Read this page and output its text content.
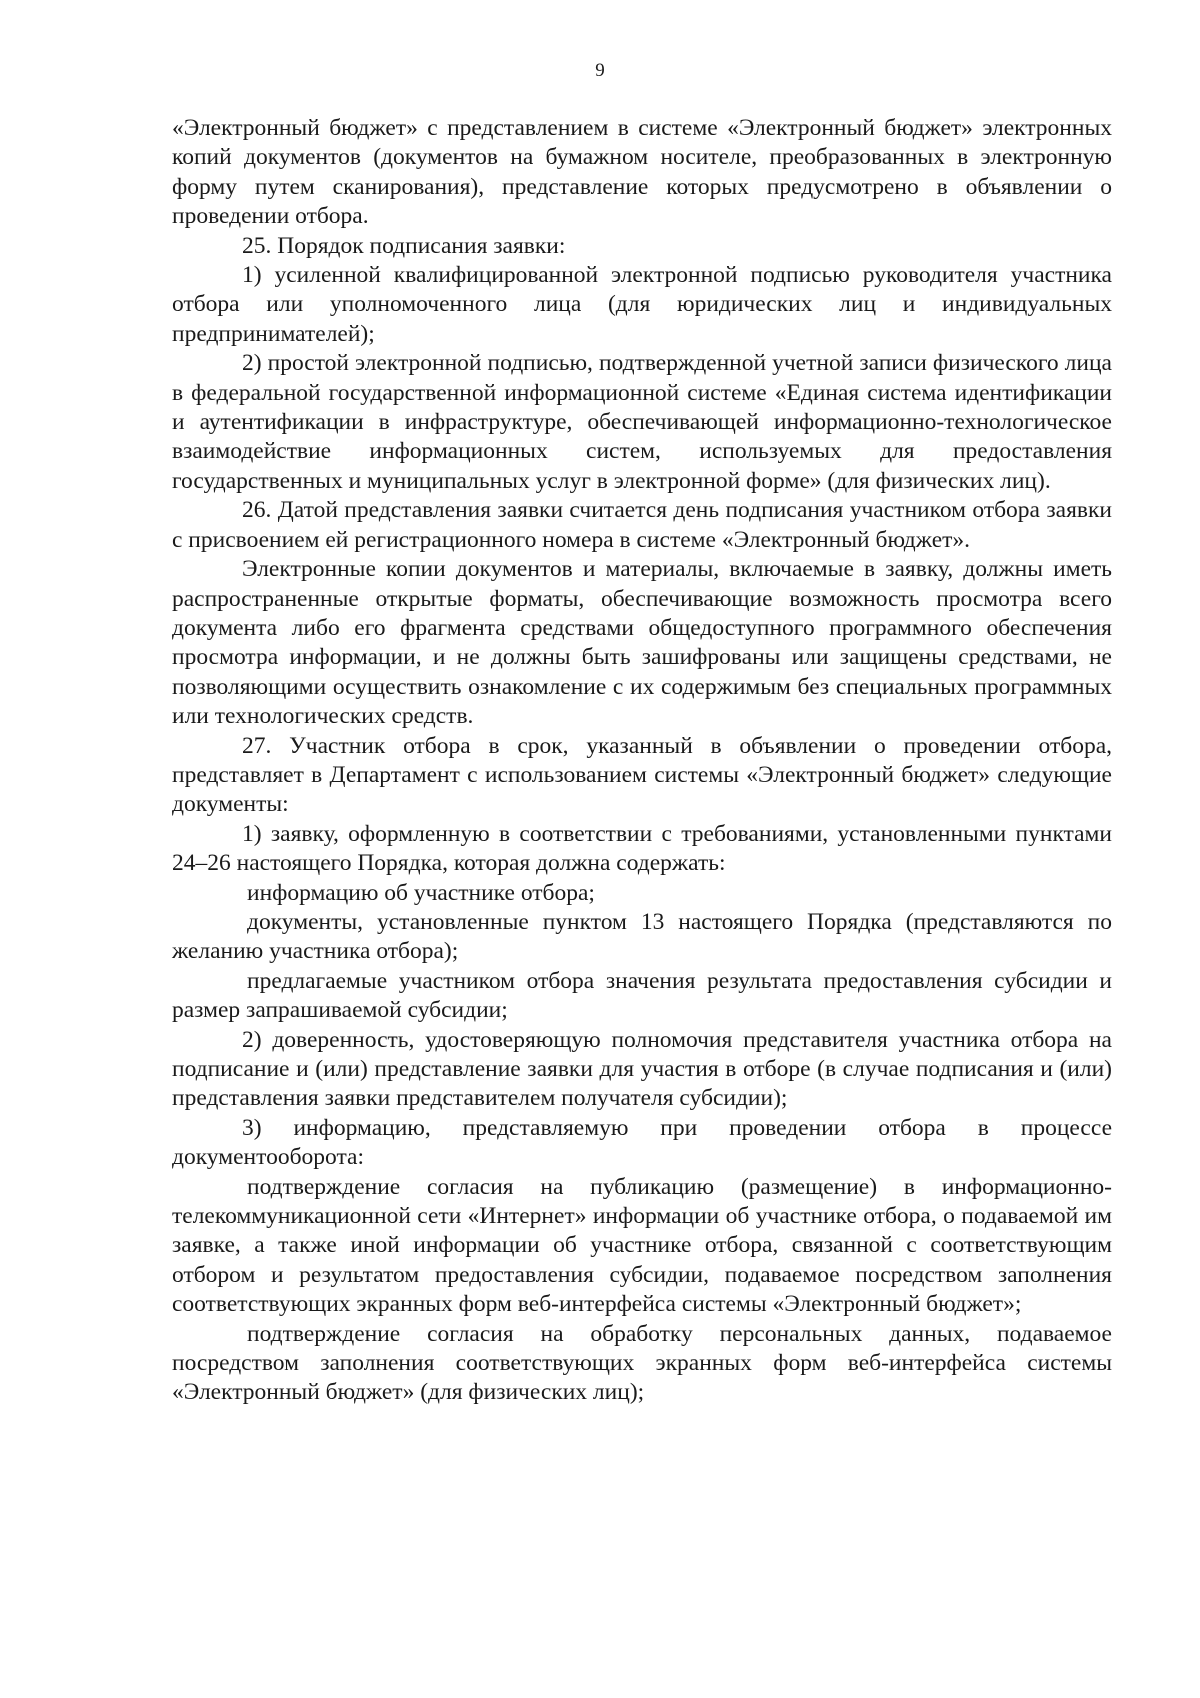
9

«Электронный бюджет» с представлением в системе «Электронный бюджет» электронных копий документов (документов на бумажном носителе, преобразованных в электронную форму путем сканирования), представление которых предусмотрено в объявлении о проведении отбора.

25. Порядок подписания заявки:

1) усиленной квалифицированной электронной подписью руководителя участника отбора или уполномоченного лица (для юридических лиц и индивидуальных предпринимателей);

2) простой электронной подписью, подтвержденной учетной записи физического лица в федеральной государственной информационной системе «Единая система идентификации и аутентификации в инфраструктуре, обеспечивающей информационно-технологическое взаимодействие информационных систем, используемых для предоставления государственных и муниципальных услуг в электронной форме» (для физических лиц).

26. Датой представления заявки считается день подписания участником отбора заявки с присвоением ей регистрационного номера в системе «Электронный бюджет».

Электронные копии документов и материалы, включаемые в заявку, должны иметь распространенные открытые форматы, обеспечивающие возможность просмотра всего документа либо его фрагмента средствами общедоступного программного обеспечения просмотра информации, и не должны быть зашифрованы или защищены средствами, не позволяющими осуществить ознакомление с их содержимым без специальных программных или технологических средств.

27. Участник отбора в срок, указанный в объявлении о проведении отбора, представляет в Департамент с использованием системы «Электронный бюджет» следующие документы:

1) заявку, оформленную в соответствии с требованиями, установленными пунктами 24–26 настоящего Порядка, которая должна содержать:

информацию об участнике отбора;

документы, установленные пунктом 13 настоящего Порядка (представляются по желанию участника отбора);

предлагаемые участником отбора значения результата предоставления субсидии и размер запрашиваемой субсидии;

2) доверенность, удостоверяющую полномочия представителя участника отбора на подписание и (или) представление заявки для участия в отборе (в случае подписания и (или) представления заявки представителем получателя субсидии);

3) информацию, представляемую при проведении отбора в процессе документооборота:

подтверждение согласия на публикацию (размещение) в информационно-телекоммуникационной сети «Интернет» информации об участнике отбора, о подаваемой им заявке, а также иной информации об участнике отбора, связанной с соответствующим отбором и результатом предоставления субсидии, подаваемое посредством заполнения соответствующих экранных форм веб-интерфейса системы «Электронный бюджет»;

подтверждение согласия на обработку персональных данных, подаваемое посредством заполнения соответствующих экранных форм веб-интерфейса системы «Электронный бюджет» (для физических лиц);
